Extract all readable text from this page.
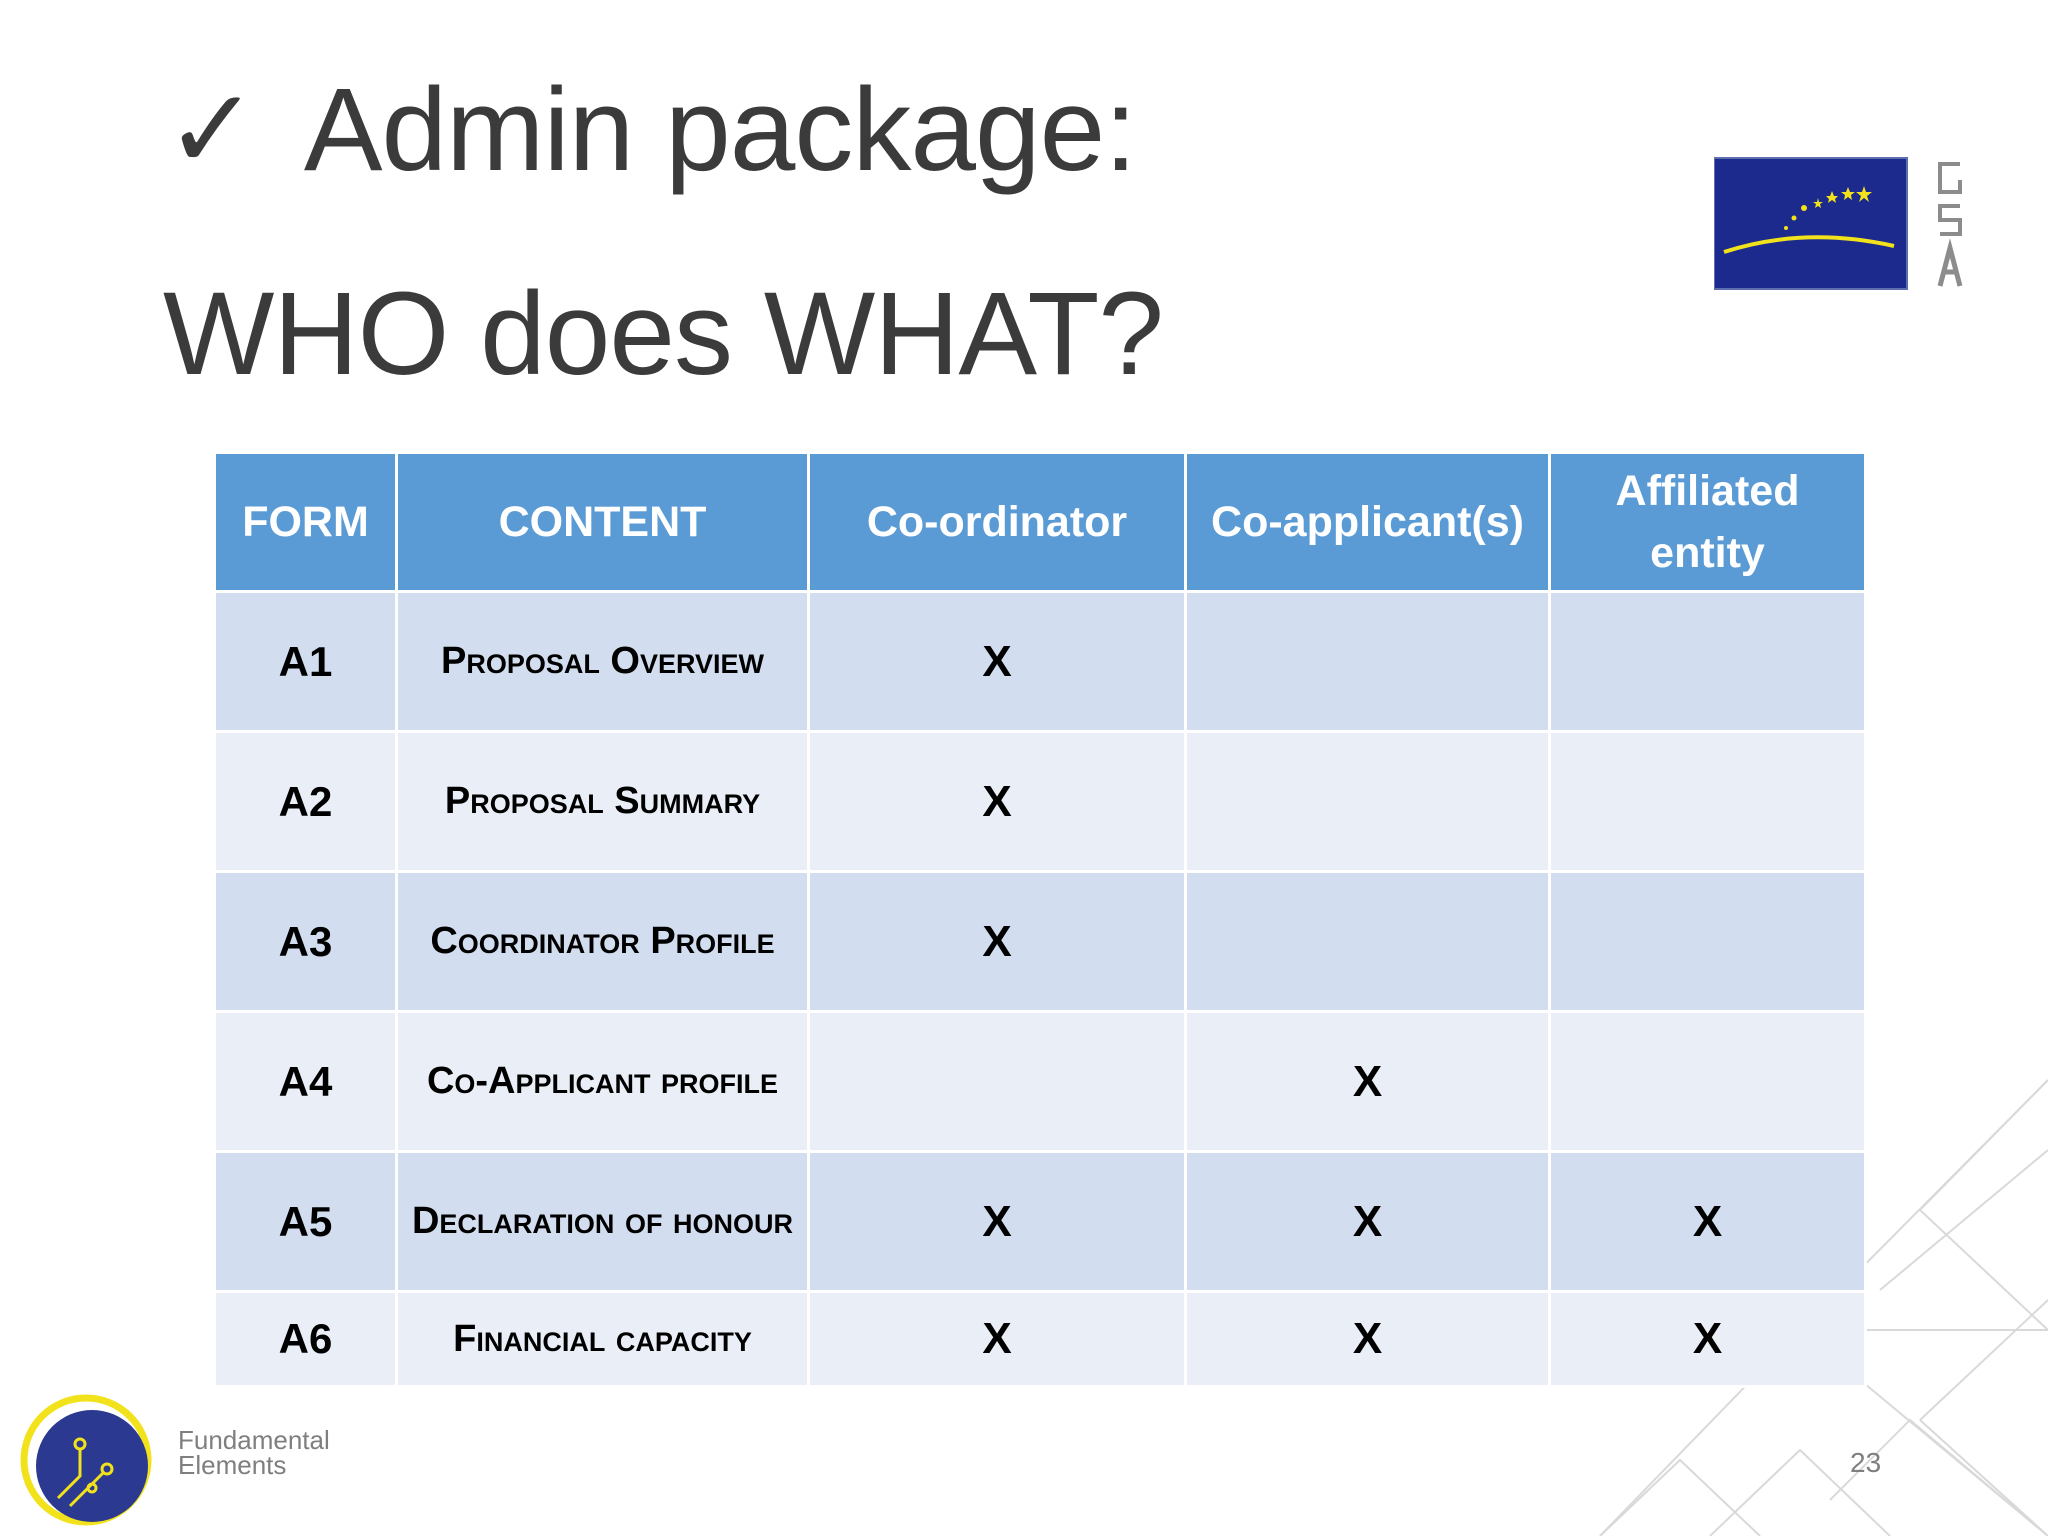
✓ Admin package:
WHO does WHAT?
FORM	CONTENT	Co-ordinator	Co-applicant(s)	Affiliated entity
A1	Proposal Overview	X		
A2	Proposal Summary	X		
A3	Coordinator Profile	X		
A4	Co-Applicant profile		X	
A5	Declaration of honour	X	X	X
A6	Financial capacity	X	X	X
Fundamental
Elements	23
